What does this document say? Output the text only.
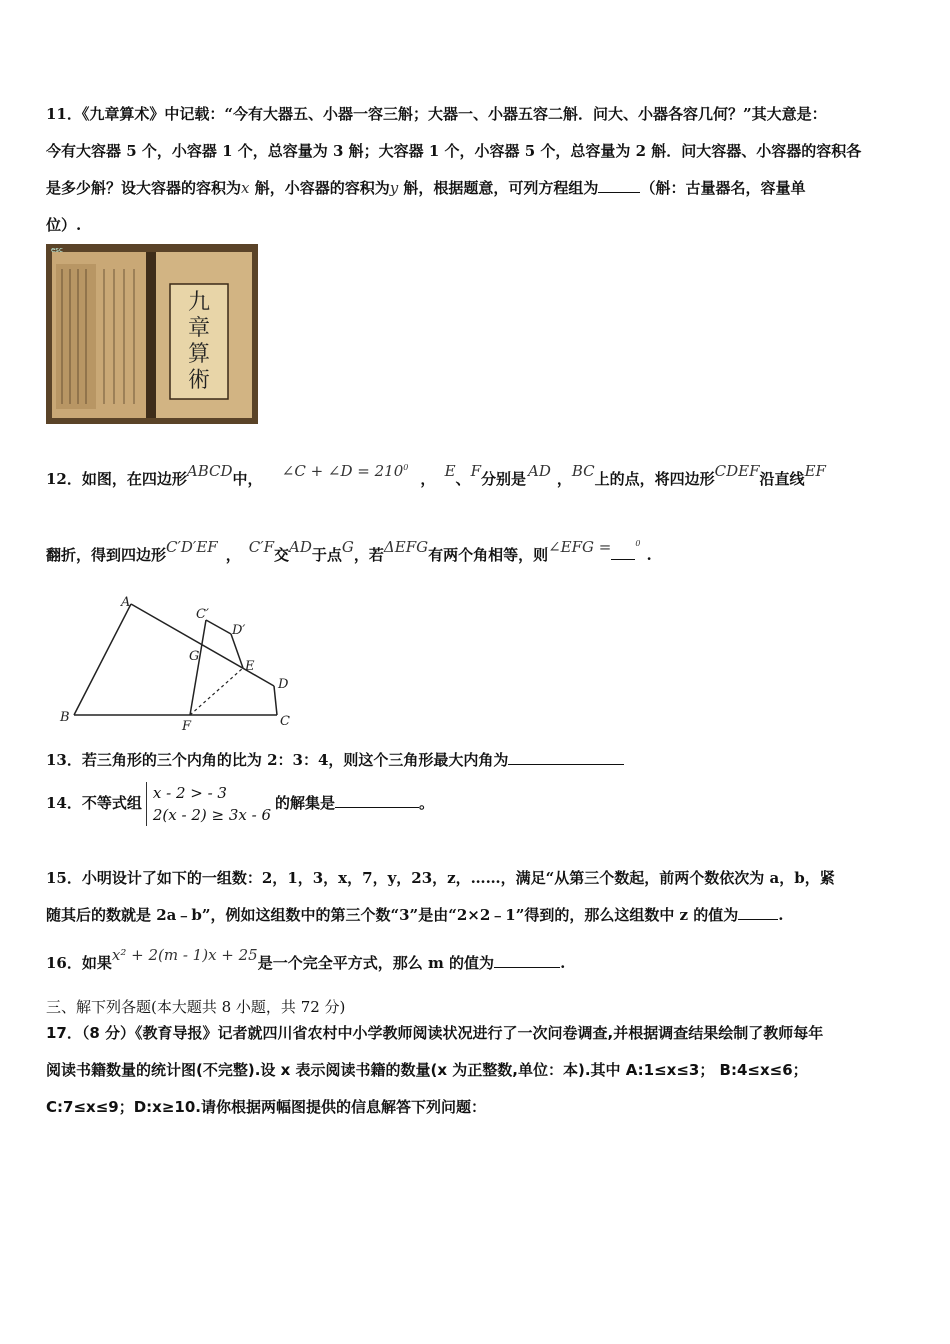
11．《九章算术》中记载：“今有大器五、小器一容三斛；大器一、小器五容二斛．问大、小器各容几何？”其大意是：
今有大容器 5 个，小容器 1 个，总容量为 3 斛；大容器 1 个，小容器 5 个，总容量为 2 斛．问大容器、小容器的容积各
是多少斛？设大容器的容积为x 斛，小容器的容积为y 斛，根据题意，可列方程组为	（斛：古量器名，容量单
位）.
esc
九
章
算
術
12．如图，在四边形ABCD中， ∠C + ∠D = $210^0$， E、F分别是 AD ，BC上的点，将四边形CDEF沿直线EF
翻折，得到四边形C′D′EF ， C′F交AD于点G，若ΔEFG有两个角相等，则∠EFG =	$^0$.
A
B	C
C′
D
D′
E
F
G
13．若三角形的三个内角的比为 2：3：4，则这个三角形最大内角为
14．不等式组
x - 2 > - 3
2(x - 2) ≥ 3x - 6
的解集是	。
15．小明设计了如下的一组数：2，1，3，x，7，y，23，z，……，满足“从第三个数起，前两个数依次为 a，b，紧
随其后的数就是 2a﹣b”，例如这组数中的第三个数“3”是由“2×2﹣1”得到的，那么这组数中 z 的值为	.
16．如果x² + 2(m - 1)x + 25是一个完全平方式，那么 m 的值为	.
三、解下列各题(本大题共 8 小题，共 72 分)
17．（8 分）《教育导报》记者就四川省农村中小学教师阅读状况进行了一次问卷调查,并根据调查结果绘制了教师每年
阅读书籍数量的统计图(不完整).设 x 表示阅读书籍的数量(x 为正整数,单位：本).其中 A:1≤x≤3； B:4≤x≤6；
C:7≤x≤9；D:x≥10.请你根据两幅图提供的信息解答下列问题：
